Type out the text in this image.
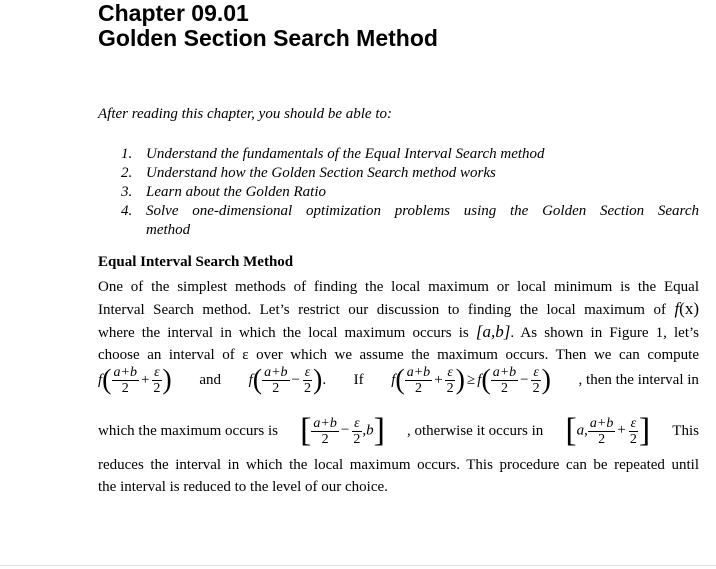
Chapter 09.01
Golden Section Search Method
After reading this chapter, you should be able to:
1. Understand the fundamentals of the Equal Interval Search method
2. Understand how the Golden Section Search method works
3. Learn about the Golden Ratio
4. Solve one-dimensional optimization problems using the Golden Section Search
method
Equal Interval Search Method
One of the simplest methods of finding the local maximum or local minimum is the Equal
Interval Search method. Let’s restrict our discussion to finding the local maximum of f(x)
where the interval in which the local maximum occurs is [a,b]. As shown in Figure 1, let’s
choose an interval of ε over which we assume the maximum occurs. Then we can compute
$f( \frac{a+b}{2} + \frac{\varepsilon}{2}$ ) and $f( \frac{a+b}{2} - \frac{\varepsilon}{2}$ ). If $f( \frac{a+b}{2} + \frac{\varepsilon}{2}$ ) ≥ $f( \frac{a+b}{2} - \frac{\varepsilon}{2}$ ) , then the interval in
which the maximum occurs is [ $\frac{a+b}{2} - \frac{\varepsilon}{2} ,b$] , otherwise it occurs in [a, $\frac{a+b}{2} + \frac{\varepsilon}{2}$ ] This
reduces the interval in which the local maximum occurs. This procedure can be repeated until
the interval is reduced to the level of our choice.
